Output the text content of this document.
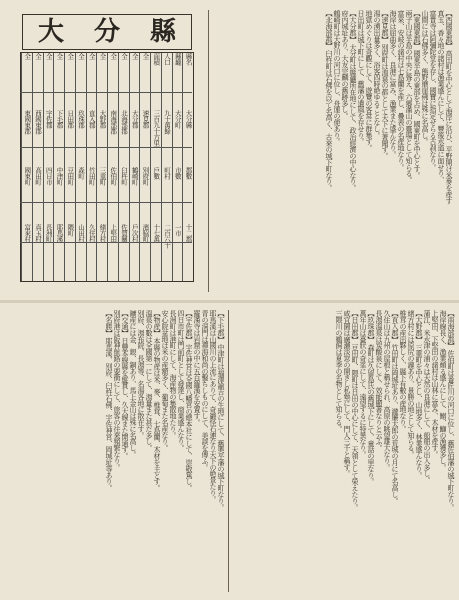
大 分 縣
縣名
大分縣
郡數
十二郡
縣廳
大分町
市數
一市
人口
九十萬餘
町村
二百六十
面積
三百九十方里
戶數
十七萬
全
速見郡
別府町
濱脇町
全
大分郡
鶴崎町
戶次村
全
北海部郡
臼杵町
佐賀關
全
南海部郡
佐伯町
上堅田
全
大野郡
三重町
緒方村
全
直入郡
竹田町
久住村
全
玖珠郡
森町
山田村
全
日田郡
豆田町
隈町
全
下毛郡
中津町
耶馬溪
全
宇佐郡
四日市
長洲町
全
西國東郡
高田町
真玉村
全
東國東郡
國東町
富來村
【西國東郡】 高田町を中心として海岸に沿ひ、平野開け米麥を産す
真玉、香々地の諸村は漁業盛んにして、豐後水道に面せり、
富貴寺は阿彌陀堂を存し、國寶に指定せらる古刹なり。
山間には石佛多く、熊野磨崖佛は殊に名高し。
【東國東郡】 國東半島の東部を占め、國東町を中心とす。
兩子山は半島の中央に聳え、六郷滿山の靈場として知らる。
富來、安岐の諸村は七島藺を産し、疊表の名産地なり。
海岸は屈曲多く、良港に富み、漁業また盛んなり。
【速見郡】 別府町は溫泉の都として天下に著聞す。
湯の湧出量多く、浴客四時絶ゆることなし。
地獄めぐりは奇觀にして、遊覽の客常に群集す。
日出町は城下町にして、舊藩の遺風を存せり。
【大分郡】 大分町は縣廳所在地にして、政治經濟の中心なり。
府内城址あり、大友宗麟の舊跡多し。
鶴崎町は大野川の河口に位し、舟運の便あり。
【北海部郡】 臼杵町は石佛を以て名高く、古來の城下町なり。
【南海部郡】 佐伯町は番匠川の河口に位し、舊佐伯藩の城下町なり。
海岸線長く、漁業頗る盛んにして、鰯、鰤の漁獲多し。
上堅田、下堅田の諸村は山林に富み、木材を産す。
蒲江、米水津の浦々は天然の良港にして、船舶の出入多し。
【大野郡】 三重町を中心とし、山地多く、林業盛んなり。
緒方村には原尻の瀧あり、景勝の地として知らる。
椎茸の産出夥しく、縣下有數の産地なり。
【直入郡】 竹田町は岡城址あり、瀧廉太郎の荒城の月にて名高し。
久住山は九州の屋根と稱せられ、高原の眺望雄大なり。
長湯溫泉は炭酸泉にして、效能顯著なりと云ふ。
【玖珠郡】 森町は久留島氏の舊城下にして、童話の里なり。
萬年山は臺狀の奇峯にして、遠望するに特異なり。
【日田郡】 豆田町、隈町は日田の中心にして、天領として榮えたり。
咸宜園は廣瀬淡窓の開きし私塾にして、門人三千と稱す。
三隈川の鵜飼は夏季の名物として知らる。
【下毛郡】 中津町は福澤諭吉の生地にして、舊奧平藩の城下町なり。
耶馬溪は山國川の上流にありて、奇巖怪石連なり天下の絶景たり。
青の洞門は禪海和尚の鑿ちしものにして、美談を傳ふ。
羅漢寺は岩窟の中に五百羅漢を安置す。
【宇佐郡】 宇佐神宮は全國八幡宮の總本社にして、崇敬篤し。
四日市町は門前町として發達し、商業盛んなり。
長洲町は港町にして、海産物の集散地たり。
安心院盆地は米の産額多く、葡萄また名産なり。
【物産】 本縣の物産は米、麥、椎茸、七島藺、木材を主とす。
溫泉の數は全國第一にして、湯量また甚だ多し。
別府、湯布院、長湯等、名湯各地に散在す。
鑛産には金、銀、銅あり、馬上金山は殊に名高し。
【交通】 日豐本線縣を縱貫し、久大線また開通す。
別府港は阪神航路の要衝にして、旅客の往來頻繁なり。
【名勝】 耶馬溪、別府、臼杵石佛、宇佐神宮、岡城址等あり。
